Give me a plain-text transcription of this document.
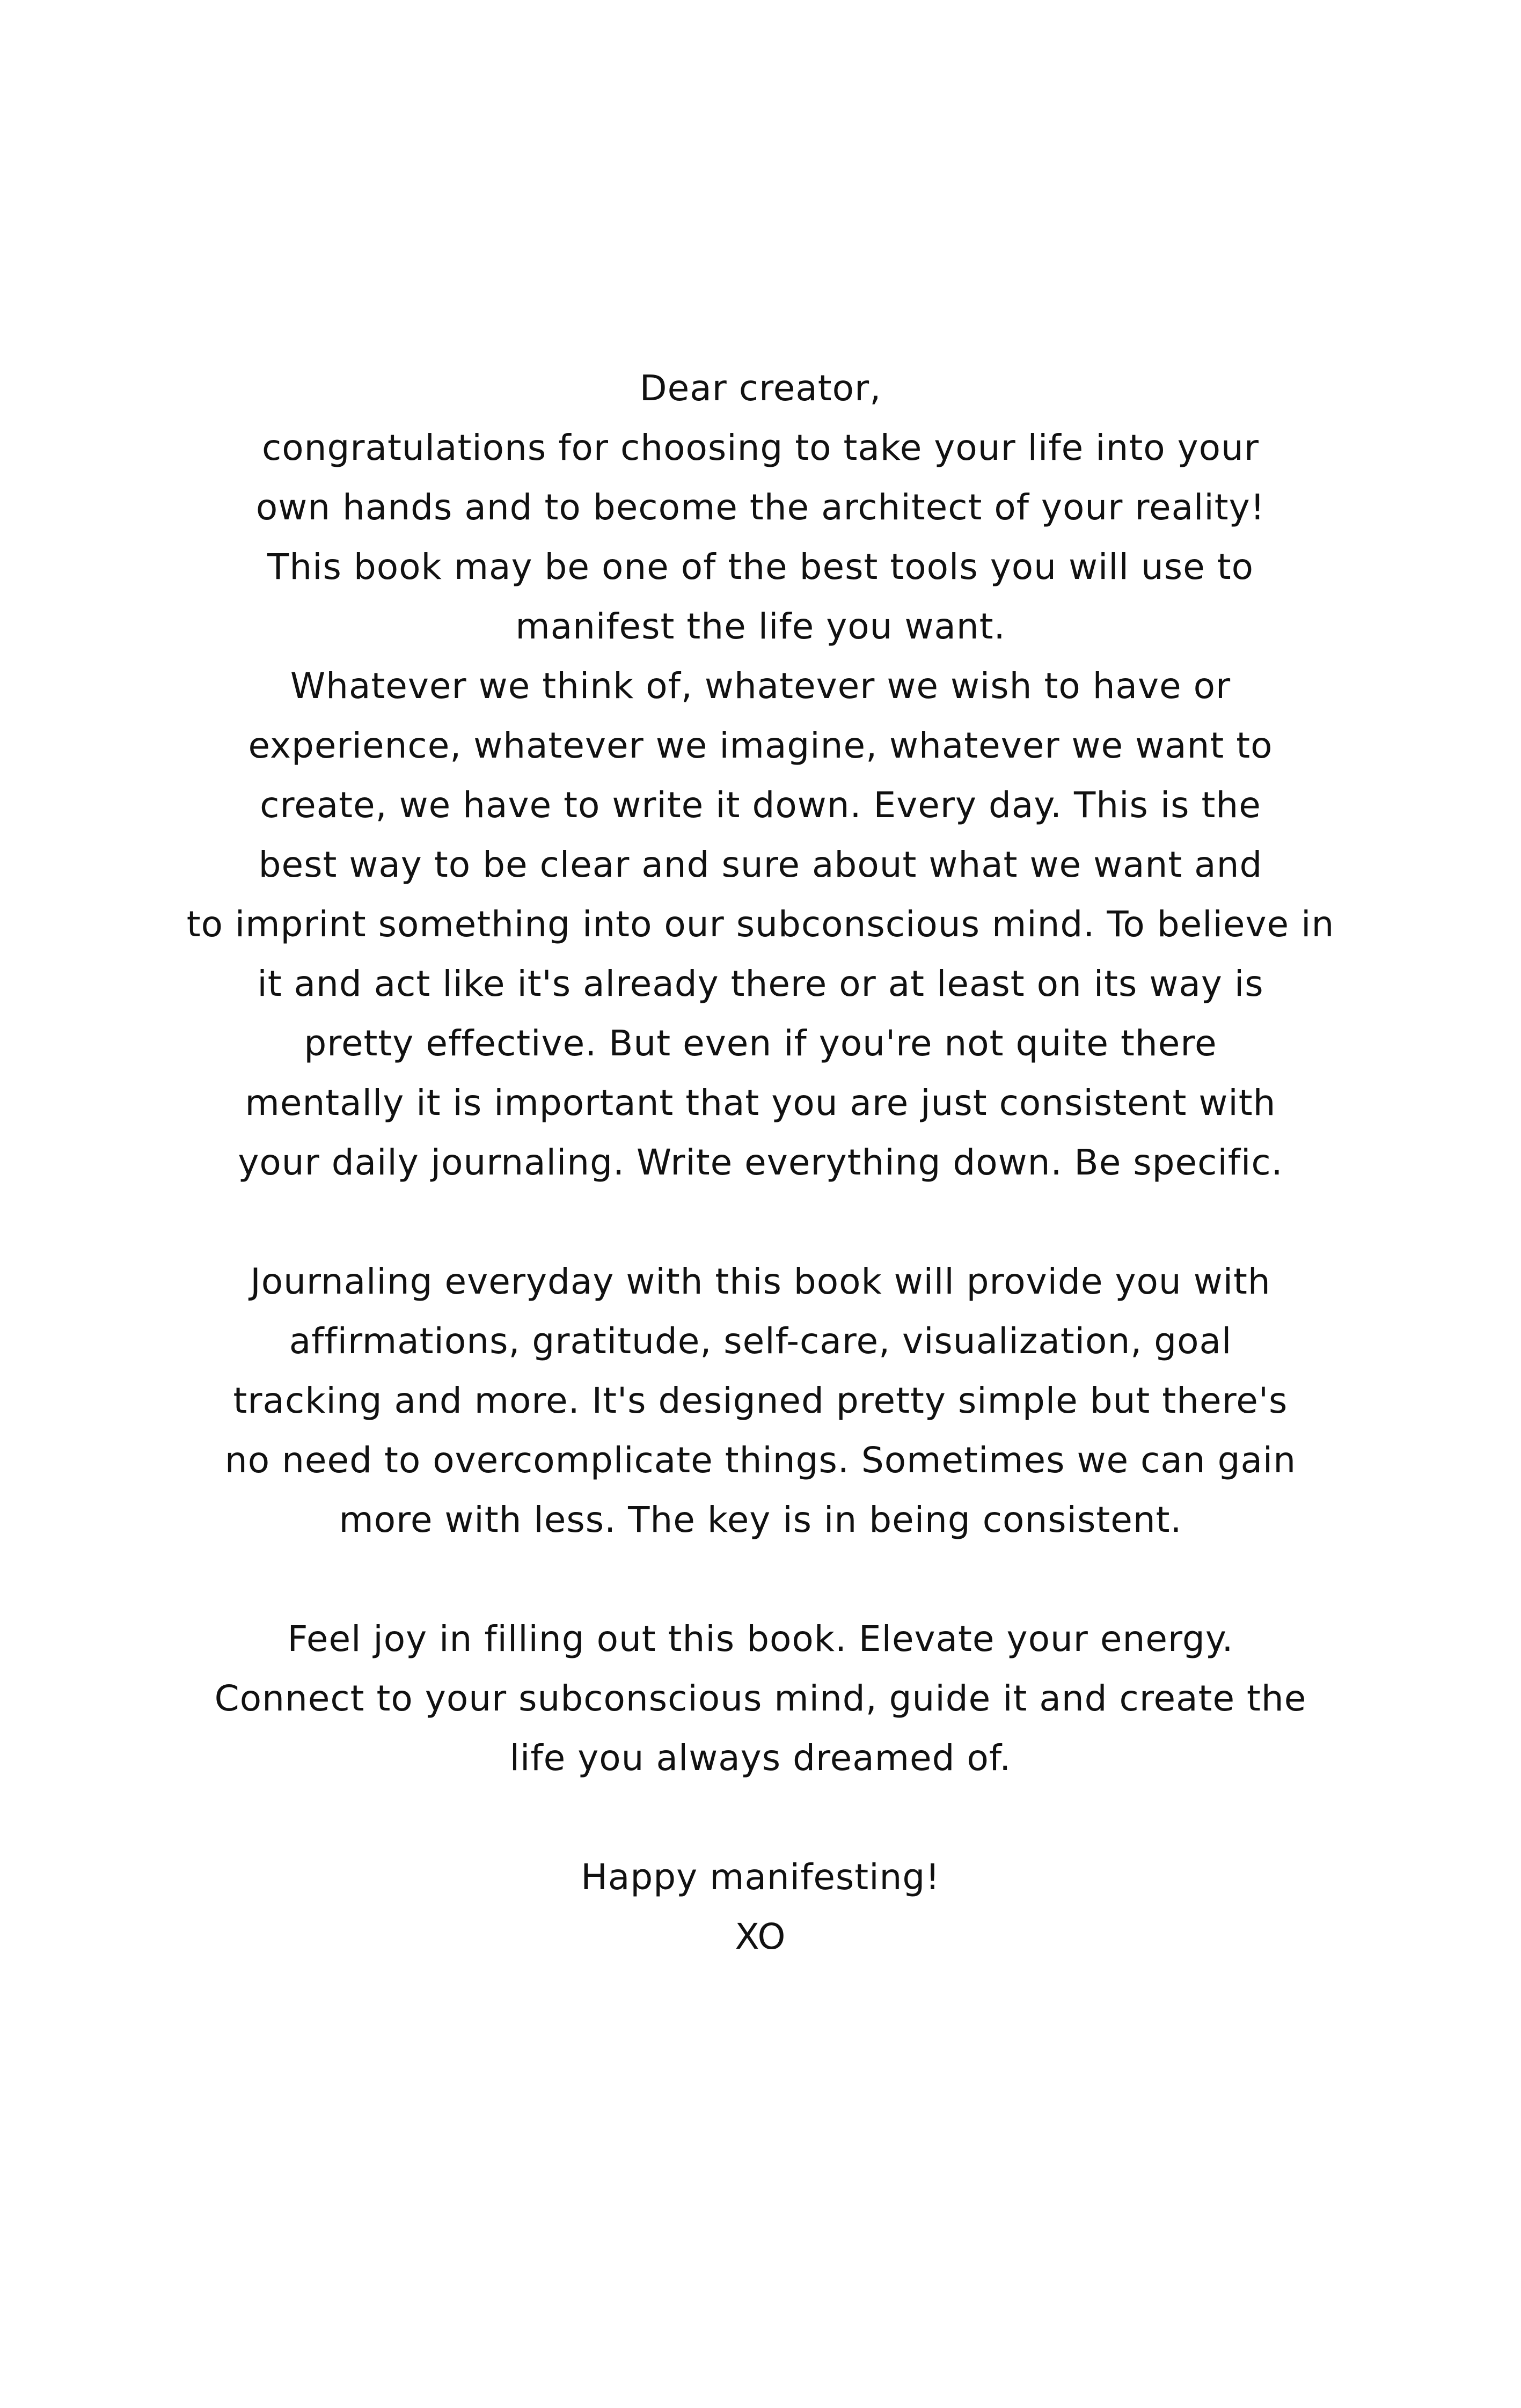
Dear creator,
congratulations for choosing to take your life into your
own hands and to become the architect of your reality!
This book may be one of the best tools you will use to
manifest the life you want.
Whatever we think of, whatever we wish to have or
experience, whatever we imagine, whatever we want to
create, we have to write it down. Every day. This is the
best way to be clear and sure about what we want and
to imprint something into our subconscious mind. To believe in
it and act like it's already there or at least on its way is
pretty effective. But even if you're not quite there
mentally it is important that you are just consistent with
your daily journaling. Write everything down. Be specific.
Journaling everyday with this book will provide you with
affirmations, gratitude, self-care, visualization, goal
tracking and more. It's designed pretty simple but there's
no need to overcomplicate things. Sometimes we can gain
more with less. The key is in being consistent.
Feel joy in filling out this book. Elevate your energy.
Connect to your subconscious mind, guide it and create the
life you always dreamed of.
Happy manifesting!
XO
